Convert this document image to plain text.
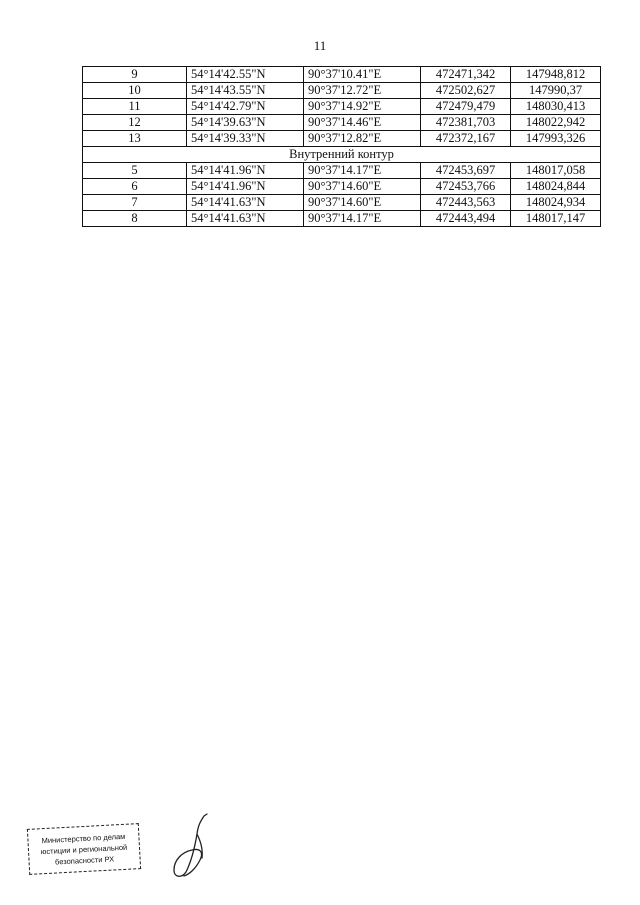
11
9	54°14'42.55"N	90°37'10.41"E	472471,342	147948,812
10	54°14'43.55"N	90°37'12.72"E	472502,627	147990,37
11	54°14'42.79"N	90°37'14.92"E	472479,479	148030,413
12	54°14'39.63"N	90°37'14.46"E	472381,703	148022,942
13	54°14'39.33"N	90°37'12.82"E	472372,167	147993,326
Внутренний контур				
5	54°14'41.96"N	90°37'14.17"E	472453,697	148017,058
6	54°14'41.96"N	90°37'14.60"E	472453,766	148024,844
7	54°14'41.63"N	90°37'14.60"E	472443,563	148024,934
8	54°14'41.63"N	90°37'14.17"E	472443,494	148017,147
Министерство по делам
юстиции и региональной
безопасности РХ
